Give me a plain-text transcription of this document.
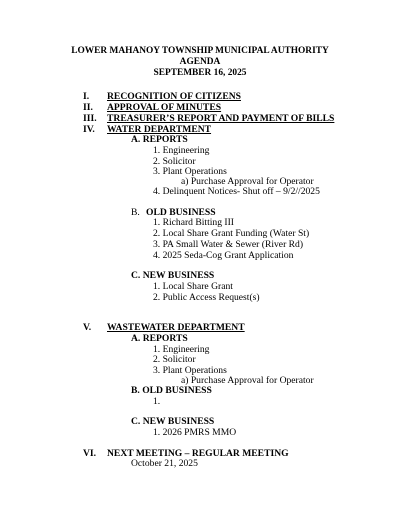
LOWER MAHANOY TOWNSHIP MUNICIPAL AUTHORITY
AGENDA
SEPTEMBER 16, 2025
I. RECOGNITION OF CITIZENS
II. APPROVAL OF MINUTES
III. TREASURER’S REPORT AND PAYMENT OF BILLS
IV. WATER DEPARTMENT
A. REPORTS
1. Engineering
2. Solicitor
3. Plant Operations
a) Purchase Approval for Operator
4. Delinquent Notices- Shut off – 9/2//2025
B. OLD BUSINESS
1. Richard Bitting III
2. Local Share Grant Funding (Water St)
3. PA Small Water & Sewer (River Rd)
4. 2025 Seda-Cog Grant Application
C. NEW BUSINESS
1. Local Share Grant
2. Public Access Request(s)
V. WASTEWATER DEPARTMENT
A. REPORTS
1. Engineering
2. Solicitor
3. Plant Operations
a) Purchase Approval for Operator
B. OLD BUSINESS
1.
C. NEW BUSINESS
1. 2026 PMRS MMO
VI. NEXT MEETING – REGULAR MEETING
October 21, 2025
